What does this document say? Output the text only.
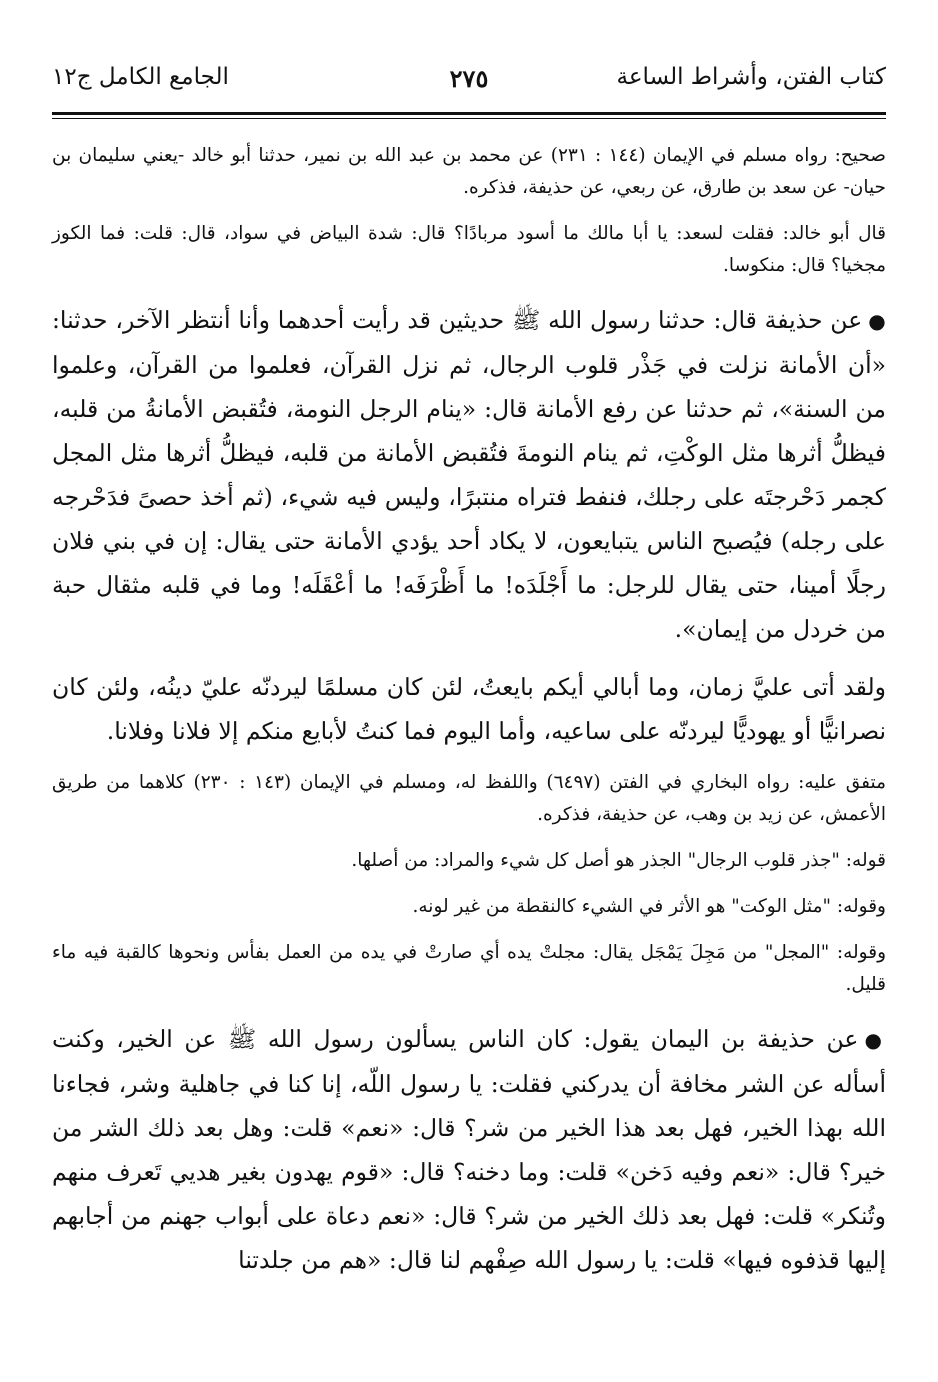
كتاب الفتن، وأشراط الساعة
٢٧٥
الجامع الكامل ج١٢

صحيح: رواه مسلم في الإيمان (١٤٤ : ٢٣١) عن محمد بن عبد الله بن نمير، حدثنا أبو خالد -يعني سليمان بن حيان- عن سعد بن طارق، عن ربعي، عن حذيفة، فذكره.

قال أبو خالد: فقلت لسعد: يا أبا مالك ما أسود مربادًا؟ قال: شدة البياض في سواد، قال: قلت: فما الكوز مجخيا؟ قال: منكوسا.

●عن حذيفة قال: حدثنا رسول الله ﷺ حديثين قد رأيت أحدهما وأنا أنتظر الآخر، حدثنا: «أن الأمانة نزلت في جَذْر قلوب الرجال، ثم نزل القرآن، فعلموا من القرآن، وعلموا من السنة»، ثم حدثنا عن رفع الأمانة قال: «ينام الرجل النومة، فتُقبض الأمانةُ من قلبه، فيظلُّ أثرها مثل الوكْتِ، ثم ينام النومةَ فتُقبض الأمانة من قلبه، فيظلُّ أثرها مثل المجل كجمر دَحْرجتَه على رجلك، فنفط فتراه منتبرًا، وليس فيه شيء، (ثم أخذ حصىً فدَحْرجه على رجله) فيُصبح الناس يتبايعون، لا يكاد أحد يؤدي الأمانة حتى يقال: إن في بني فلان رجلًا أمينا، حتى يقال للرجل: ما أَجْلَدَه! ما أَظْرَفَه! ما أعْقَلَه! وما في قلبه مثقال حبة من خردل من إيمان».

ولقد أتى عليَّ زمان، وما أبالي أيكم بايعتُ، لئن كان مسلمًا ليردنّه عليّ دينُه، ولئن كان نصرانيًّا أو يهوديًّا ليردنّه على ساعيه، وأما اليوم فما كنتُ لأبايع منكم إلا فلانا وفلانا.

متفق عليه: رواه البخاري في الفتن (٦٤٩٧) واللفظ له، ومسلم في الإيمان (١٤٣ : ٢٣٠) كلاهما من طريق الأعمش، عن زيد بن وهب، عن حذيفة، فذكره.

قوله: "جذر قلوب الرجال" الجذر هو أصل كل شيء والمراد: من أصلها.

وقوله: "مثل الوكت" هو الأثر في الشيء كالنقطة من غير لونه.

وقوله: "المجل" من مَجِلَ يَمْجَل يقال: مجلتْ يده أي صارتْ في يده من العمل بفأس ونحوها كالقبة فيه ماء قليل.

●عن حذيفة بن اليمان يقول: كان الناس يسألون رسول الله ﷺ عن الخير، وكنت أسأله عن الشر مخافة أن يدركني فقلت: يا رسول اللّه، إنا كنا في جاهلية وشر، فجاءنا الله بهذا الخير، فهل بعد هذا الخير من شر؟ قال: «نعم» قلت: وهل بعد ذلك الشر من خير؟ قال: «نعم وفيه دَخن» قلت: وما دخنه؟ قال: «قوم يهدون بغير هديي تَعرف منهم وتُنكر» قلت: فهل بعد ذلك الخير من شر؟ قال: «نعم دعاة على أبواب جهنم من أجابهم إليها قذفوه فيها» قلت: يا رسول الله صِفْهم لنا قال: «هم من جلدتنا
